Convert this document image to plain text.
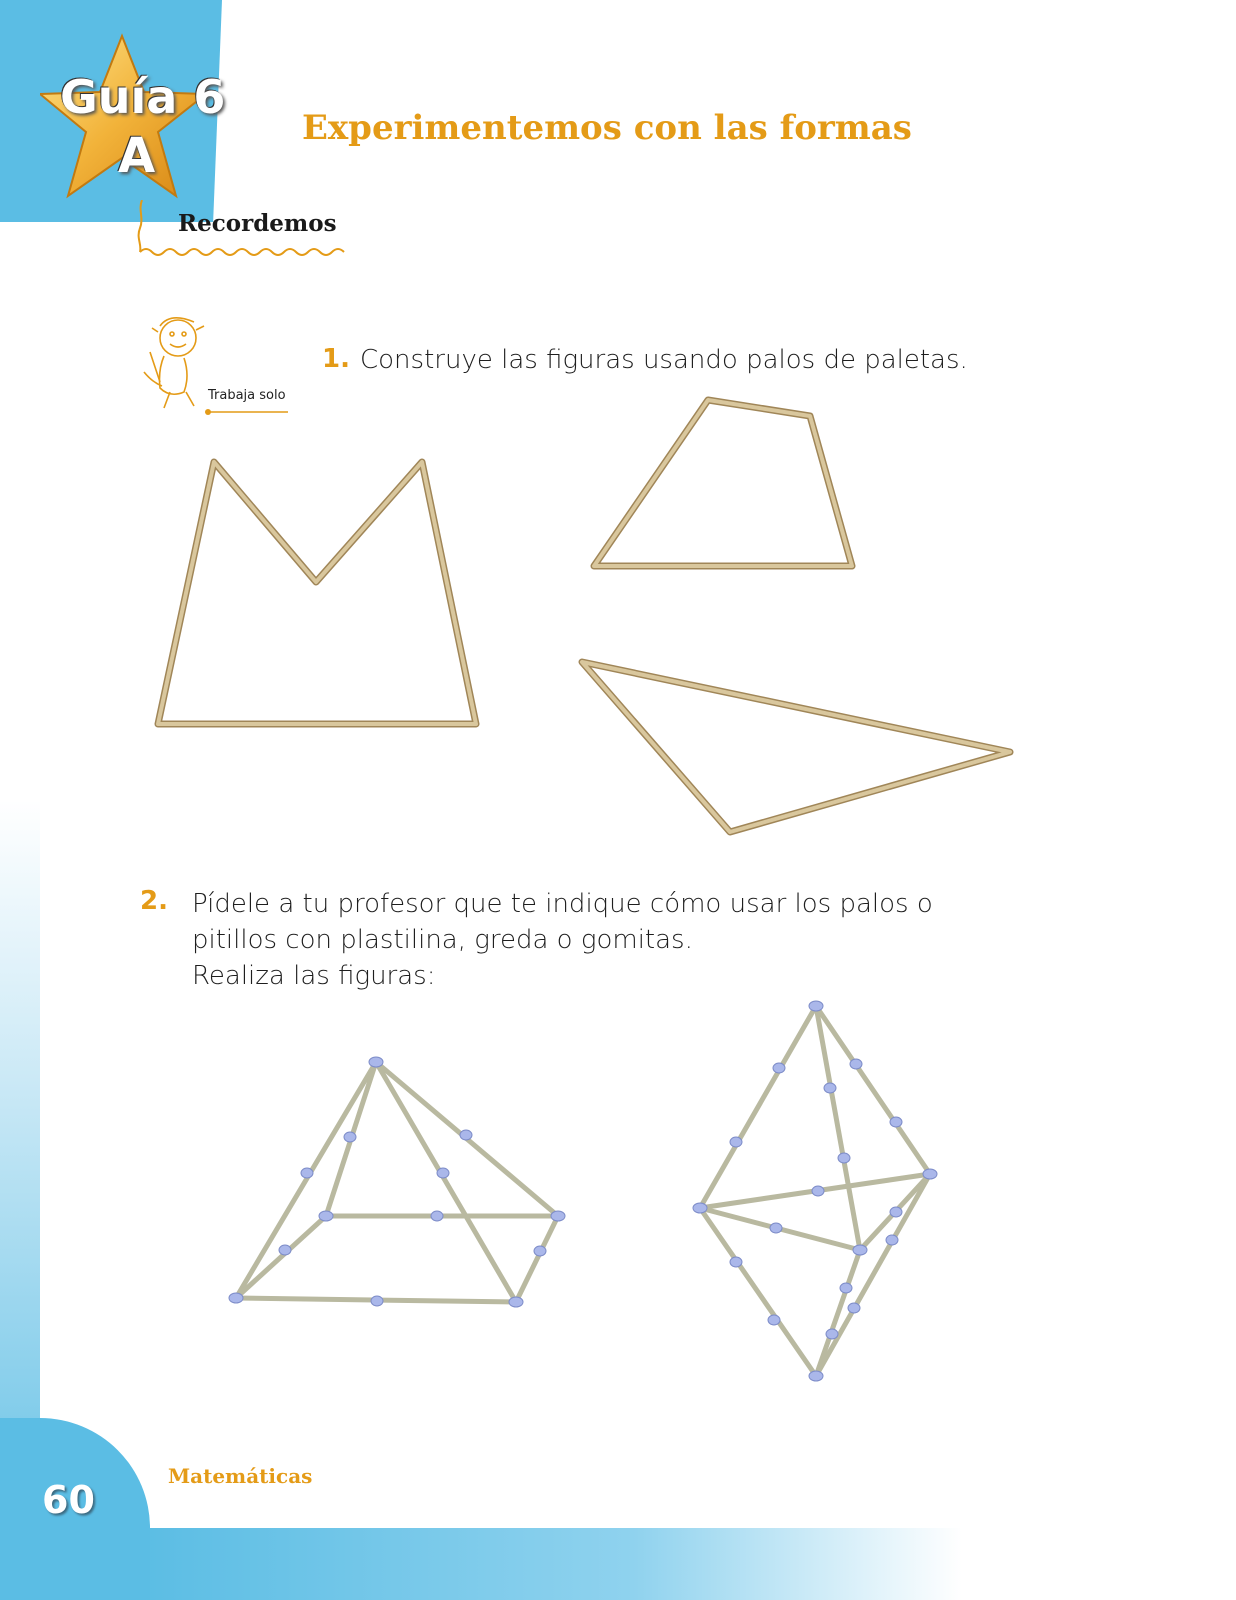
Guía 6
A	Experimentemos con las formas
Recordemos
Trabaja solo
1. Construye las figuras usando palos de paletas.
2. Pídele a tu profesor que te indique cómo usar los palos o
pitillos con plastilina, greda o gomitas.
Realiza las figuras:
Matemáticas
60
